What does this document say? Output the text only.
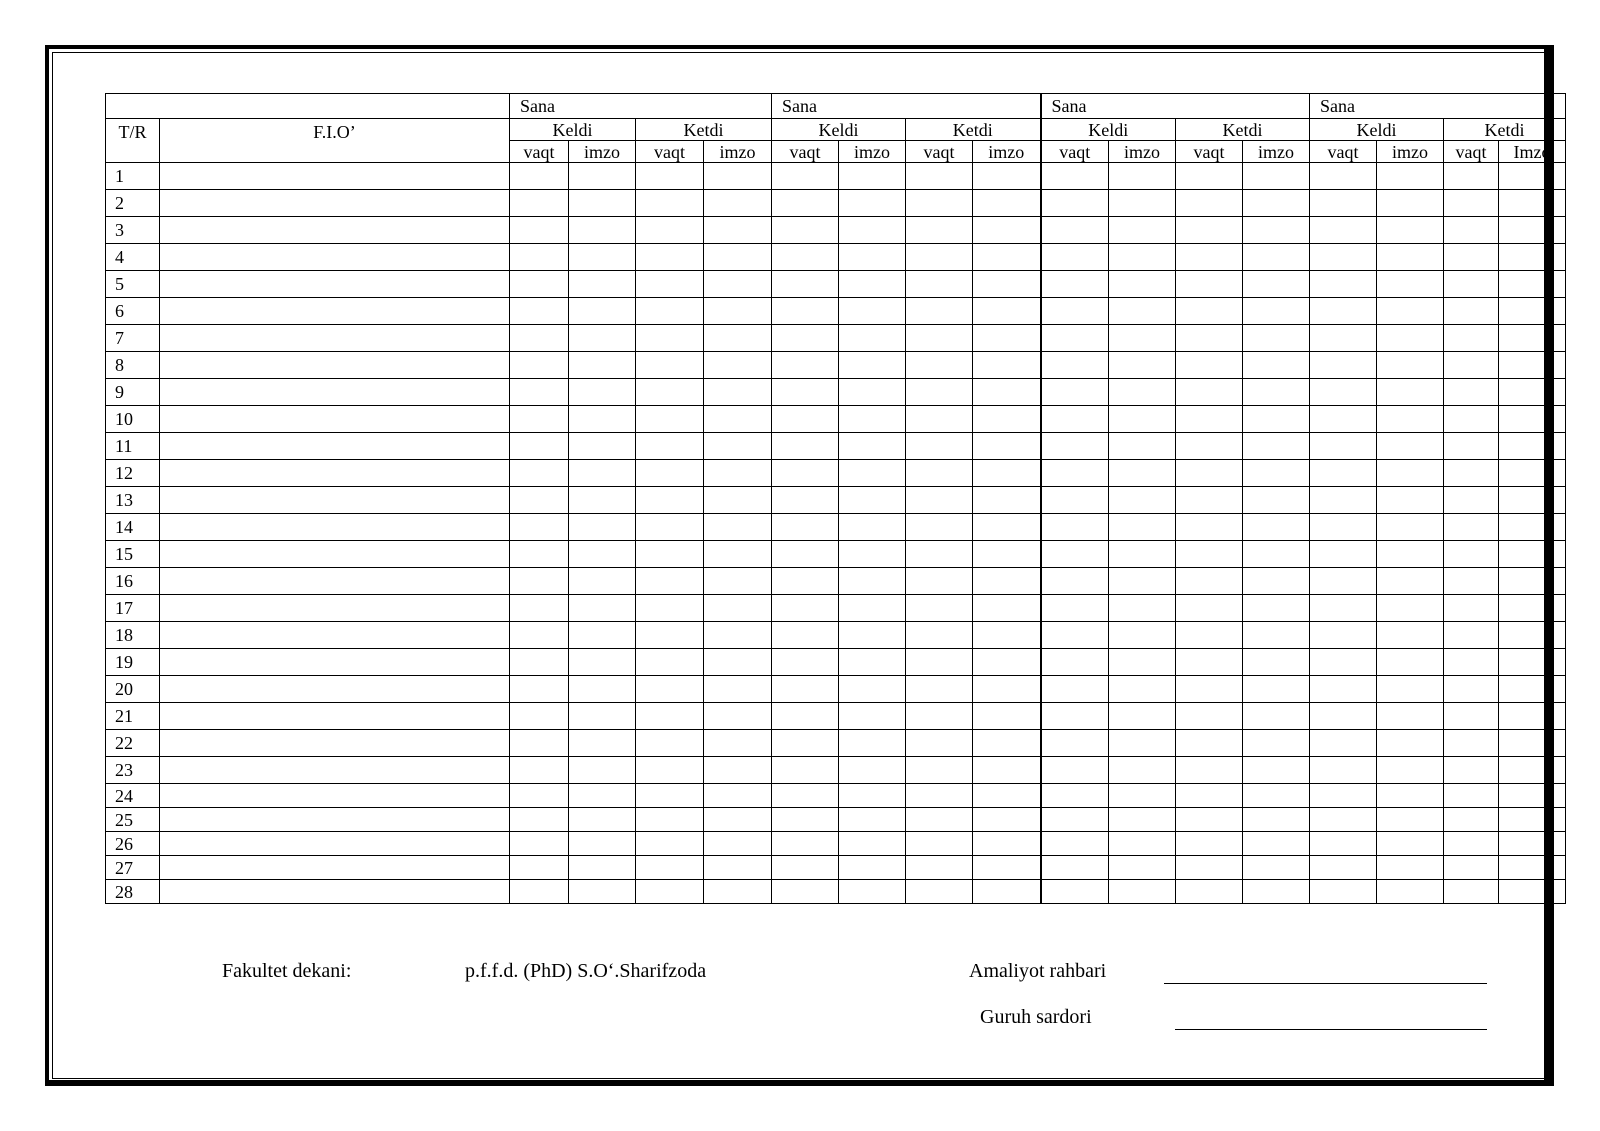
		Sana				Sana				Sana				Sana			
T/R	F.I.O’	Keldi		Ketdi		Keldi		Ketdi		Keldi		Ketdi		Keldi		Ketdi	
		vaqt	imzo	vaqt	imzo	vaqt	imzo	vaqt	imzo	vaqt	imzo	vaqt	imzo	vaqt	imzo	vaqt	Imzo
1																	
2																	
3																	
4																	
5																	
6																	
7																	
8																	
9																	
10																	
11																	
12																	
13																	
14																	
15																	
16																	
17																	
18																	
19																	
20																	
21																	
22																	
23																	
24																	
25																	
26																	
27																	
28																	
Fakultet dekani:	p.f.f.d. (PhD) S.O‘.Sharifzoda	Amaliyot rahbari
Guruh sardori
